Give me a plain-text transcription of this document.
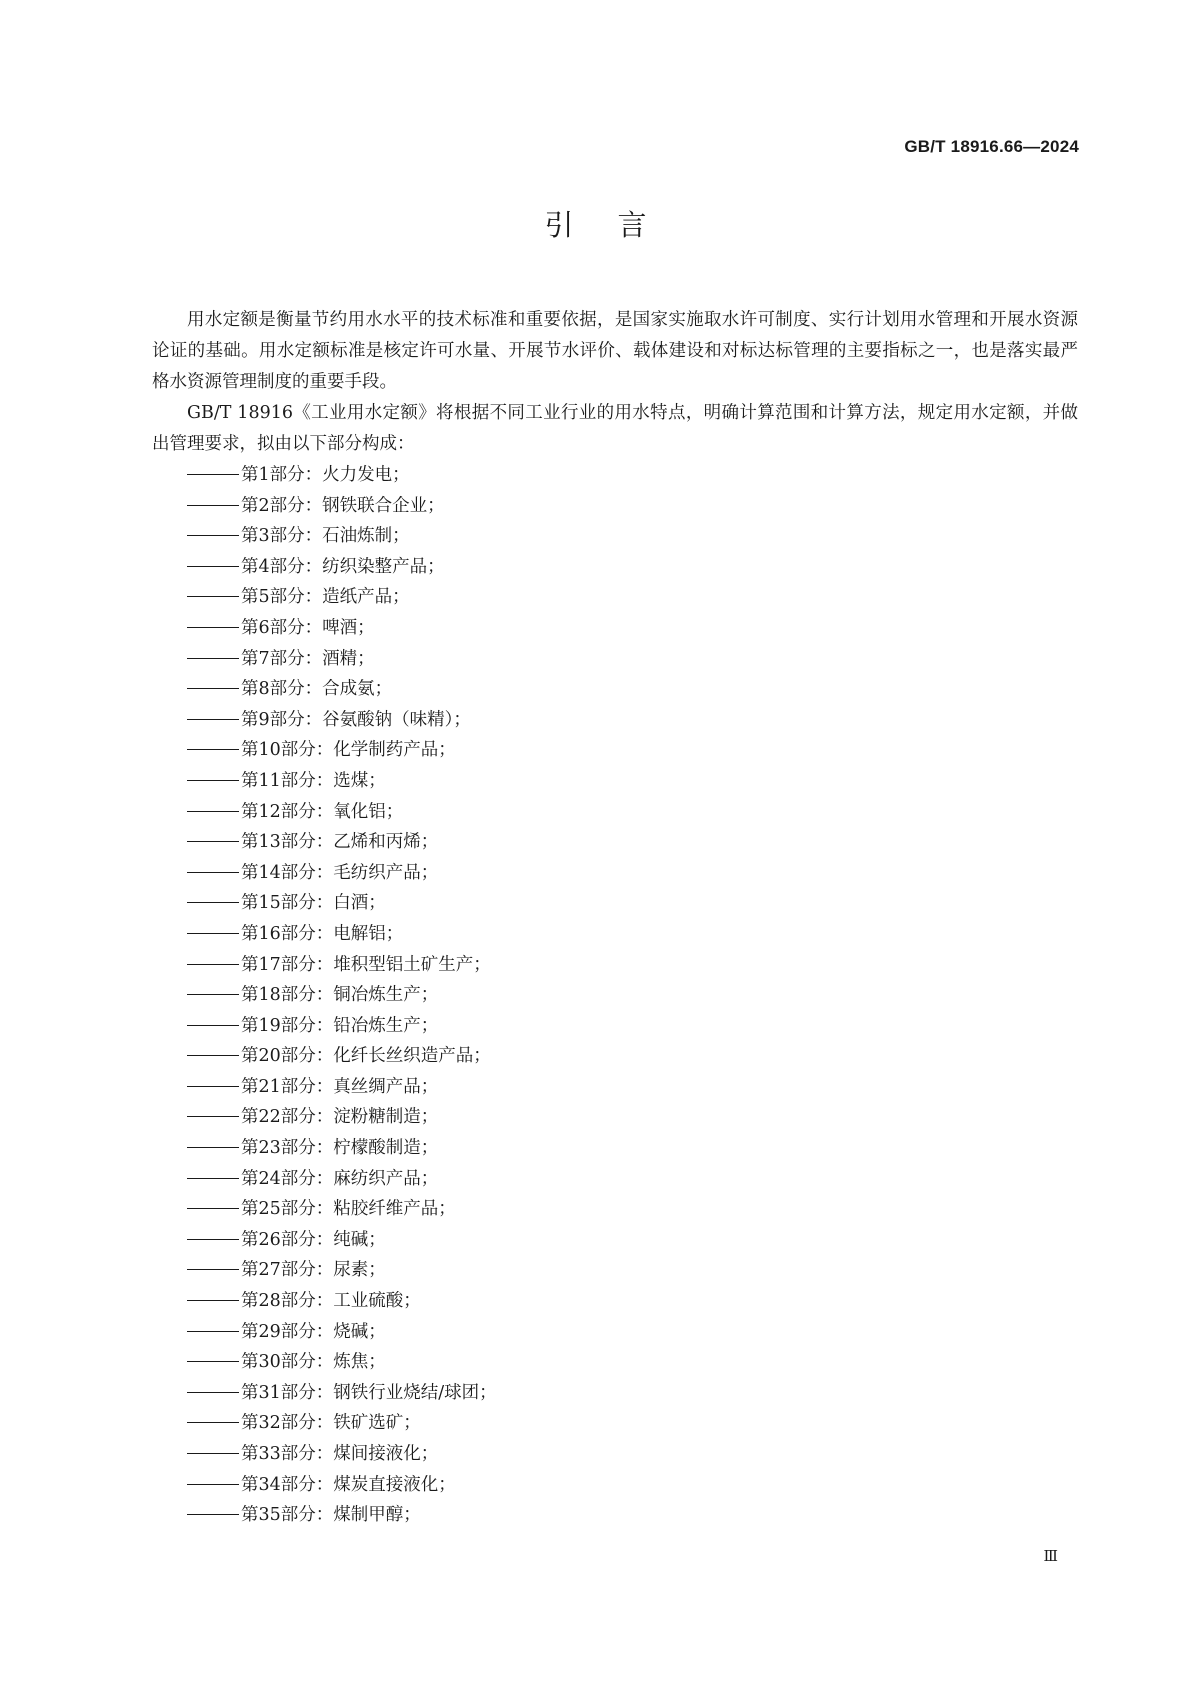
GB/T 18916.66—2024
引言

用水定额是衡量节约用水水平的技术标准和重要依据，是国家实施取水许可制度、实行计划用水管理和开展水资源论证的基础。用水定额标准是核定许可水量、开展节水评价、载体建设和对标达标管理的主要指标之一，也是落实最严格水资源管理制度的重要手段。

GB/T 18916《工业用水定额》将根据不同工业行业的用水特点，明确计算范围和计算方法，规定用水定额，并做出管理要求，拟由以下部分构成：

第1部分：火力发电；
第2部分：钢铁联合企业；
第3部分：石油炼制；
第4部分：纺织染整产品；
第5部分：造纸产品；
第6部分：啤酒；
第7部分：酒精；
第8部分：合成氨；
第9部分：谷氨酸钠（味精）；
第10部分：化学制药产品；
第11部分：选煤；
第12部分：氧化铝；
第13部分：乙烯和丙烯；
第14部分：毛纺织产品；
第15部分：白酒；
第16部分：电解铝；
第17部分：堆积型铝土矿生产；
第18部分：铜冶炼生产；
第19部分：铅冶炼生产；
第20部分：化纤长丝织造产品；
第21部分：真丝绸产品；
第22部分：淀粉糖制造；
第23部分：柠檬酸制造；
第24部分：麻纺织产品；
第25部分：粘胶纤维产品；
第26部分：纯碱；
第27部分：尿素；
第28部分：工业硫酸；
第29部分：烧碱；
第30部分：炼焦；
第31部分：钢铁行业烧结/球团；
第32部分：铁矿选矿；
第33部分：煤间接液化；
第34部分：煤炭直接液化；
第35部分：煤制甲醇；
Ⅲ
